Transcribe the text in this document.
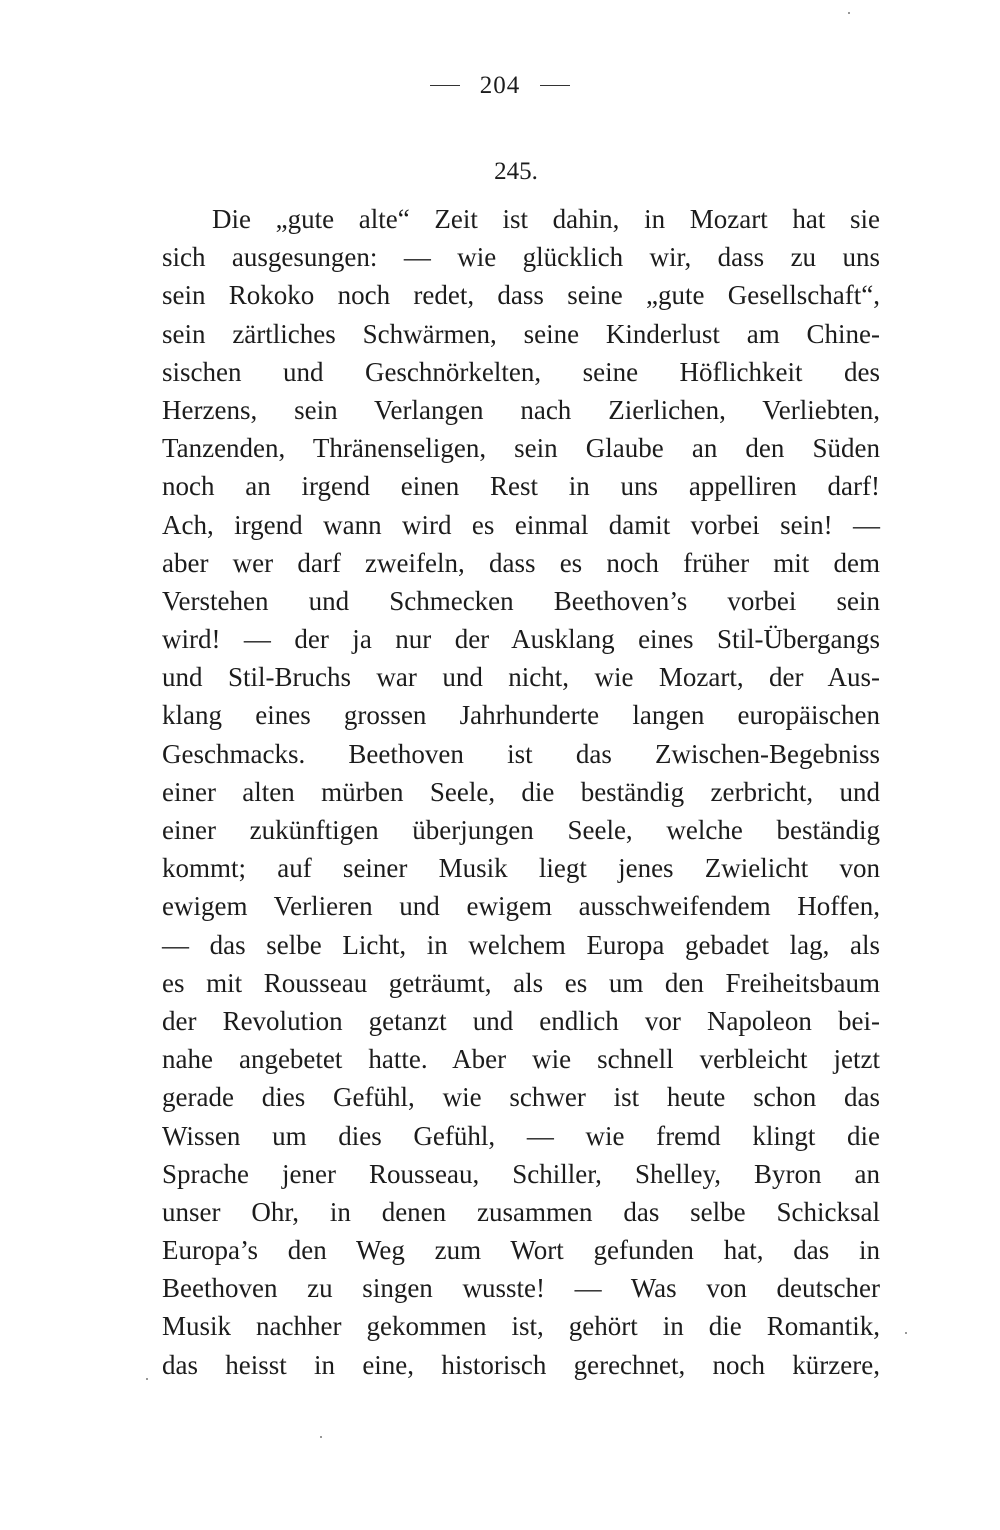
204
245.
Die „gute alte“ Zeit ist dahin, in Mozart hat sie
sich ausgesungen: — wie glücklich wir, dass zu uns
sein Rokoko noch redet, dass seine „gute Gesellschaft“,
sein zärtliches Schwärmen, seine Kinderlust am Chine-
sischen und Geschnörkelten, seine Höflichkeit des
Herzens, sein Verlangen nach Zierlichen, Verliebten,
Tanzenden, Thränenseligen, sein Glaube an den Süden
noch an irgend einen Rest in uns appelliren darf!
Ach, irgend wann wird es einmal damit vorbei sein! —
aber wer darf zweifeln, dass es noch früher mit dem
Verstehen und Schmecken Beethoven’s vorbei sein
wird! — der ja nur der Ausklang eines Stil-Übergangs
und Stil-Bruchs war und nicht, wie Mozart, der Aus-
klang eines grossen Jahrhunderte langen europäischen
Geschmacks. Beethoven ist das Zwischen-Begebniss
einer alten mürben Seele, die beständig zerbricht, und
einer zukünftigen überjungen Seele, welche beständig
kommt; auf seiner Musik liegt jenes Zwielicht von
ewigem Verlieren und ewigem ausschweifendem Hoffen,
— das selbe Licht, in welchem Europa gebadet lag, als
es mit Rousseau geträumt, als es um den Freiheitsbaum
der Revolution getanzt und endlich vor Napoleon bei-
nahe angebetet hatte. Aber wie schnell verbleicht jetzt
gerade dies Gefühl, wie schwer ist heute schon das
Wissen um dies Gefühl, — wie fremd klingt die
Sprache jener Rousseau, Schiller, Shelley, Byron an
unser Ohr, in denen zusammen das selbe Schicksal
Europa’s den Weg zum Wort gefunden hat, das in
Beethoven zu singen wusste! — Was von deutscher
Musik nachher gekommen ist, gehört in die Romantik,
das heisst in eine, historisch gerechnet, noch kürzere,
